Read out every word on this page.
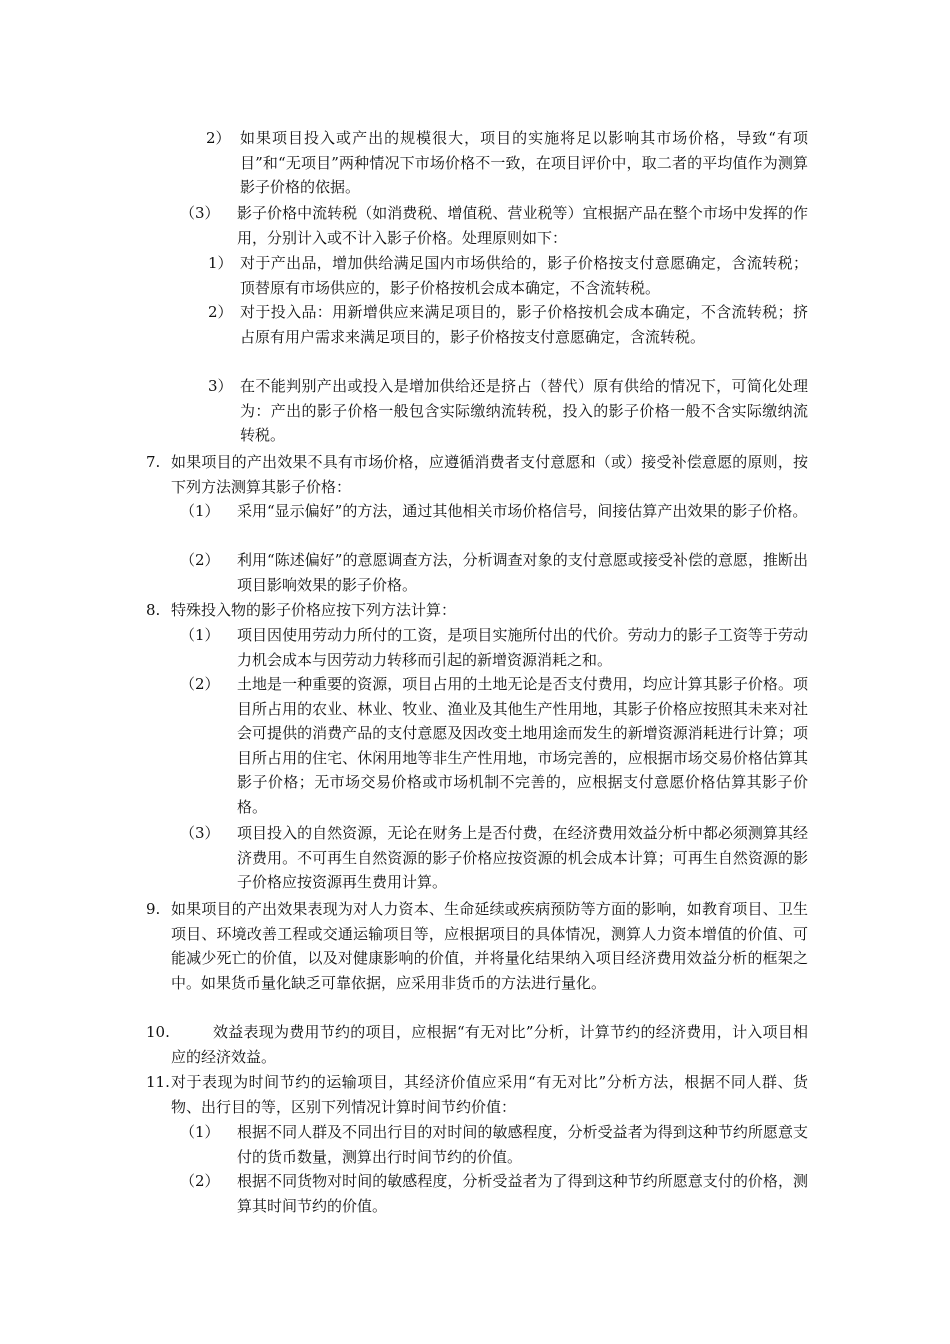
2） 如果项目投入或产出的规模很大，项目的实施将足以影响其市场价格，导致“有项目”和“无项目”两种情况下市场价格不一致，在项目评价中，取二者的平均值作为测算影子价格的依据。
（3） 影子价格中流转税（如消费税、增值税、营业税等）宜根据产品在整个市场中发挥的作用，分别计入或不计入影子价格。处理原则如下：
1） 对于产出品，增加供给满足国内市场供给的，影子价格按支付意愿确定，含流转税；顶替原有市场供应的，影子价格按机会成本确定，不含流转税。
2） 对于投入品：用新增供应来满足项目的，影子价格按机会成本确定，不含流转税；挤占原有用户需求来满足项目的，影子价格按支付意愿确定，含流转税。
3） 在不能判别产出或投入是增加供给还是挤占（替代）原有供给的情况下，可简化处理为：产出的影子价格一般包含实际缴纳流转税，投入的影子价格一般不含实际缴纳流转税。
7. 如果项目的产出效果不具有市场价格，应遵循消费者支付意愿和（或）接受补偿意愿的原则，按下列方法测算其影子价格：
（1） 采用“显示偏好”的方法，通过其他相关市场价格信号，间接估算产出效果的影子价格。
（2） 利用“陈述偏好”的意愿调查方法，分析调查对象的支付意愿或接受补偿的意愿，推断出项目影响效果的影子价格。
8. 特殊投入物的影子价格应按下列方法计算：
（1） 项目因使用劳动力所付的工资，是项目实施所付出的代价。劳动力的影子工资等于劳动力机会成本与因劳动力转移而引起的新增资源消耗之和。
（2） 土地是一种重要的资源，项目占用的土地无论是否支付费用，均应计算其影子价格。项目所占用的农业、林业、牧业、渔业及其他生产性用地，其影子价格应按照其未来对社会可提供的消费产品的支付意愿及因改变土地用途而发生的新增资源消耗进行计算；项目所占用的住宅、休闲用地等非生产性用地，市场完善的，应根据市场交易价格估算其影子价格；无市场交易价格或市场机制不完善的，应根据支付意愿价格估算其影子价格。
（3） 项目投入的自然资源，无论在财务上是否付费，在经济费用效益分析中都必须测算其经济费用。不可再生自然资源的影子价格应按资源的机会成本计算；可再生自然资源的影子价格应按资源再生费用计算。
9. 如果项目的产出效果表现为对人力资本、生命延续或疾病预防等方面的影响，如教育项目、卫生项目、环境改善工程或交通运输项目等，应根据项目的具体情况，测算人力资本增值的价值、可能减少死亡的价值，以及对健康影响的价值，并将量化结果纳入项目经济费用效益分析的框架之中。如果货币量化缺乏可靠依据，应采用非货币的方法进行量化。
10.	效益表现为费用节约的项目，应根据“有无对比”分析，计算节约的经济费用，计入项目相应的经济效益。
11. 对于表现为时间节约的运输项目，其经济价值应采用“有无对比”分析方法，根据不同人群、货物、出行目的等，区别下列情况计算时间节约价值：
（1） 根据不同人群及不同出行目的对时间的敏感程度，分析受益者为得到这种节约所愿意支付的货币数量，测算出行时间节约的价值。
（2） 根据不同货物对时间的敏感程度，分析受益者为了得到这种节约所愿意支付的价格，测算其时间节约的价值。
